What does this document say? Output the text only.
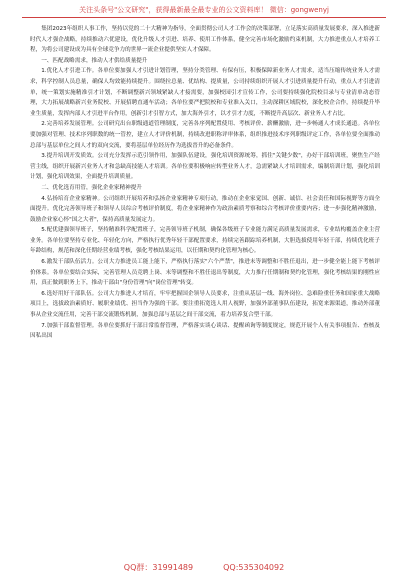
关注头条号"公文研究"，获得最新最全最专业的公文资料库！ 微信：gongwenyj

集团2023年组织人事工作，坚持以党的二十大精神为指导，全面贯彻公司人才工作会的决策部署，立足落实高质量发展要求，深入推进新时代人才强企战略，持续推动六优建设，优化升级人才引进、培养、使用工作体系，健全完善市场化激励约束机制，大力推进重点人才培养工程，为将公司建设成为具有全球竞争力的世界一流企业提供坚实人才保障。

一、匹配战略需求，推动人才供给质量提升

1.优化人才引进工作。各单位要加强人才引进计划管理，坚持分类管理、有保有压，积极保障新业务人才需求，适当压缩传统业务人才需求，科学控制人员总量，确保人均效能持续提升。围绕拉总量、优结构、提质量，公司持续组织开展人才引进质量提升行动，重点人才引进清单，统一策划实施精准引才计划，不断调整新兴领域紧缺人才接需要，加强校园引才宣传工作，公司要持续强化院校目录与专业清单动态管理，大力拓展战略新兴业务院校、开展招聘直通车活动；各单位要严把院校和专业准入关口，主动深耕区域院校，深化校企合作，持续提升毕业生质量，发挥内部人才引进平台作用，创新引才引智方式，加大海外引才，以才引才力度，不断提升高层次、新业务人才占比。

2.完善培养发展管理。公司研究出台职级通道管理制度，完善各序列配置使用、考核评价、薪酬激励，进一步畅通人才成长通道。各单位要加强对管理、技术序列职数的统一管控，建立人才评价机制，持续改进职称评审体系，组织推进技术序列职级评定工作，各单位要全面推动总部与基层单位之间人才的双向交流，要将基层单位经历作为选拔晋升的必备条件。

3.提升培训开发质效。公司充分发挥示范引领作用，加强队伍建设，强化培训资源统筹，抓住"关键少数"，办好干部培训班，聚焦生产经营主线，组织开展新兴业务人才和急缺高技能人才培训。各单位要积极响应转型业务人才，急需紧缺人才培训需求，编制培训计划，强化培训计划，强化培训效果，全面提升培训质量。

二、优化选育用管，强化企业家精神提升

4.弘扬培育企业家精神。公司组织开展培养和弘扬企业家精神专项行动，推动在企业家觉国、创新、诚信、社会责任和国际视野等方面全面提升。优化完善领导班子和领导人员综合考核评价制度，将企业家精神作为政治素质考察和综合考核评价重要内容；进一步强化精神激励，鼓励企业家心怀"国之大者"，保持高质量发展定力。

5.配优建强领导班子，坚持精准科学配置班子，完善领导班子机制，确保各级班子专业能力满足高质量发展需求，专业结构覆盖企业主营业务。各单位要坚持专业化、年轻化方向，严格执行优秀年轻干部配置要求，持续完善跟踪培养机制，大胆选拔使用年轻干部，持续优化班子年龄结构，规范和深化任期经营业绩考核，强化考核结果运用，以任期和契约化管理为核心。

6.激发干部队伍活力。公司大力推进员工能上能下，严格执行落实"六个严禁"，推进末等调整和不胜任退出，进一步健全能上能下考核评价体系。各单位要结合实际，完善管理人员竞聘上岗、末等调整和不胜任退出等制度，大力推行任期制和契约化管理，强化考核结果的刚性应用，真正做到职务上下，推动干部由"身份管理"向"岗位管理"转变。

6.选好用好干部队伍。公司大力推进人才培育，牢牢把握国企领导人员要求，注重从基层一线、海外岗位、急难险重任务和国家重大战略项目上，选拔政治素质好、履职业绩优、担当作为强的干部。要注重拓宽选人用人视野，加强外部董事队伍建设，拓宽来源渠道，推动外部董事从企业交流任用，完善干部交流锻炼机制，加强总部与基层之间干部交流，着力培养复合型干部。

7.加强干部监督管理。各单位要抓好干部日常监督管理，严格落实谈心谈话、提醒函询等制度规定，规范开展个人有关事项报告、查核及因私出国

QQ群：31991489	QQ:535304092
